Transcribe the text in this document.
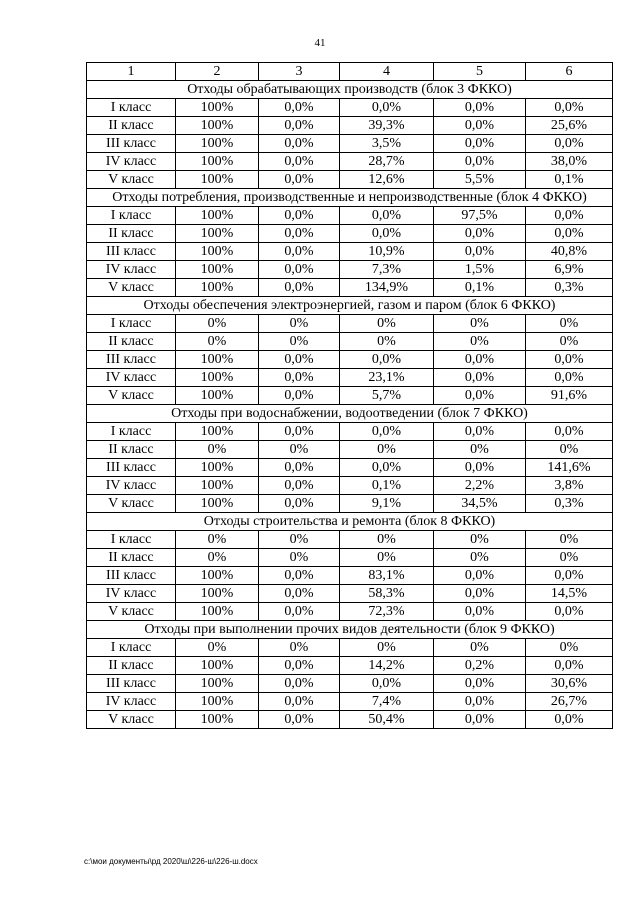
41
1	2	3	4	5	6
Отходы обрабатывающих производств (блок 3 ФККО)					
I класс	100%	0,0%	0,0%	0,0%	0,0%
II класс	100%	0,0%	39,3%	0,0%	25,6%
III класс	100%	0,0%	3,5%	0,0%	0,0%
IV класс	100%	0,0%	28,7%	0,0%	38,0%
V класс	100%	0,0%	12,6%	5,5%	0,1%
Отходы потребления, производственные и непроизводственные (блок 4 ФККО)					
I класс	100%	0,0%	0,0%	97,5%	0,0%
II класс	100%	0,0%	0,0%	0,0%	0,0%
III класс	100%	0,0%	10,9%	0,0%	40,8%
IV класс	100%	0,0%	7,3%	1,5%	6,9%
V класс	100%	0,0%	134,9%	0,1%	0,3%
Отходы обеспечения электроэнергией, газом и паром (блок 6 ФККО)					
I класс	0%	0%	0%	0%	0%
II класс	0%	0%	0%	0%	0%
III класс	100%	0,0%	0,0%	0,0%	0,0%
IV класс	100%	0,0%	23,1%	0,0%	0,0%
V класс	100%	0,0%	5,7%	0,0%	91,6%
Отходы при водоснабжении, водоотведении (блок 7 ФККО)					
I класс	100%	0,0%	0,0%	0,0%	0,0%
II класс	0%	0%	0%	0%	0%
III класс	100%	0,0%	0,0%	0,0%	141,6%
IV класс	100%	0,0%	0,1%	2,2%	3,8%
V класс	100%	0,0%	9,1%	34,5%	0,3%
Отходы строительства и ремонта (блок 8 ФККО)					
I класс	0%	0%	0%	0%	0%
II класс	0%	0%	0%	0%	0%
III класс	100%	0,0%	83,1%	0,0%	0,0%
IV класс	100%	0,0%	58,3%	0,0%	14,5%
V класс	100%	0,0%	72,3%	0,0%	0,0%
Отходы при выполнении прочих видов деятельности (блок 9 ФККО)					
I класс	0%	0%	0%	0%	0%
II класс	100%	0,0%	14,2%	0,2%	0,0%
III класс	100%	0,0%	0,0%	0,0%	30,6%
IV класс	100%	0,0%	7,4%	0,0%	26,7%
V класс	100%	0,0%	50,4%	0,0%	0,0%
c:\мои документы\рд 2020\ш\226-ш\226-ш.docx
